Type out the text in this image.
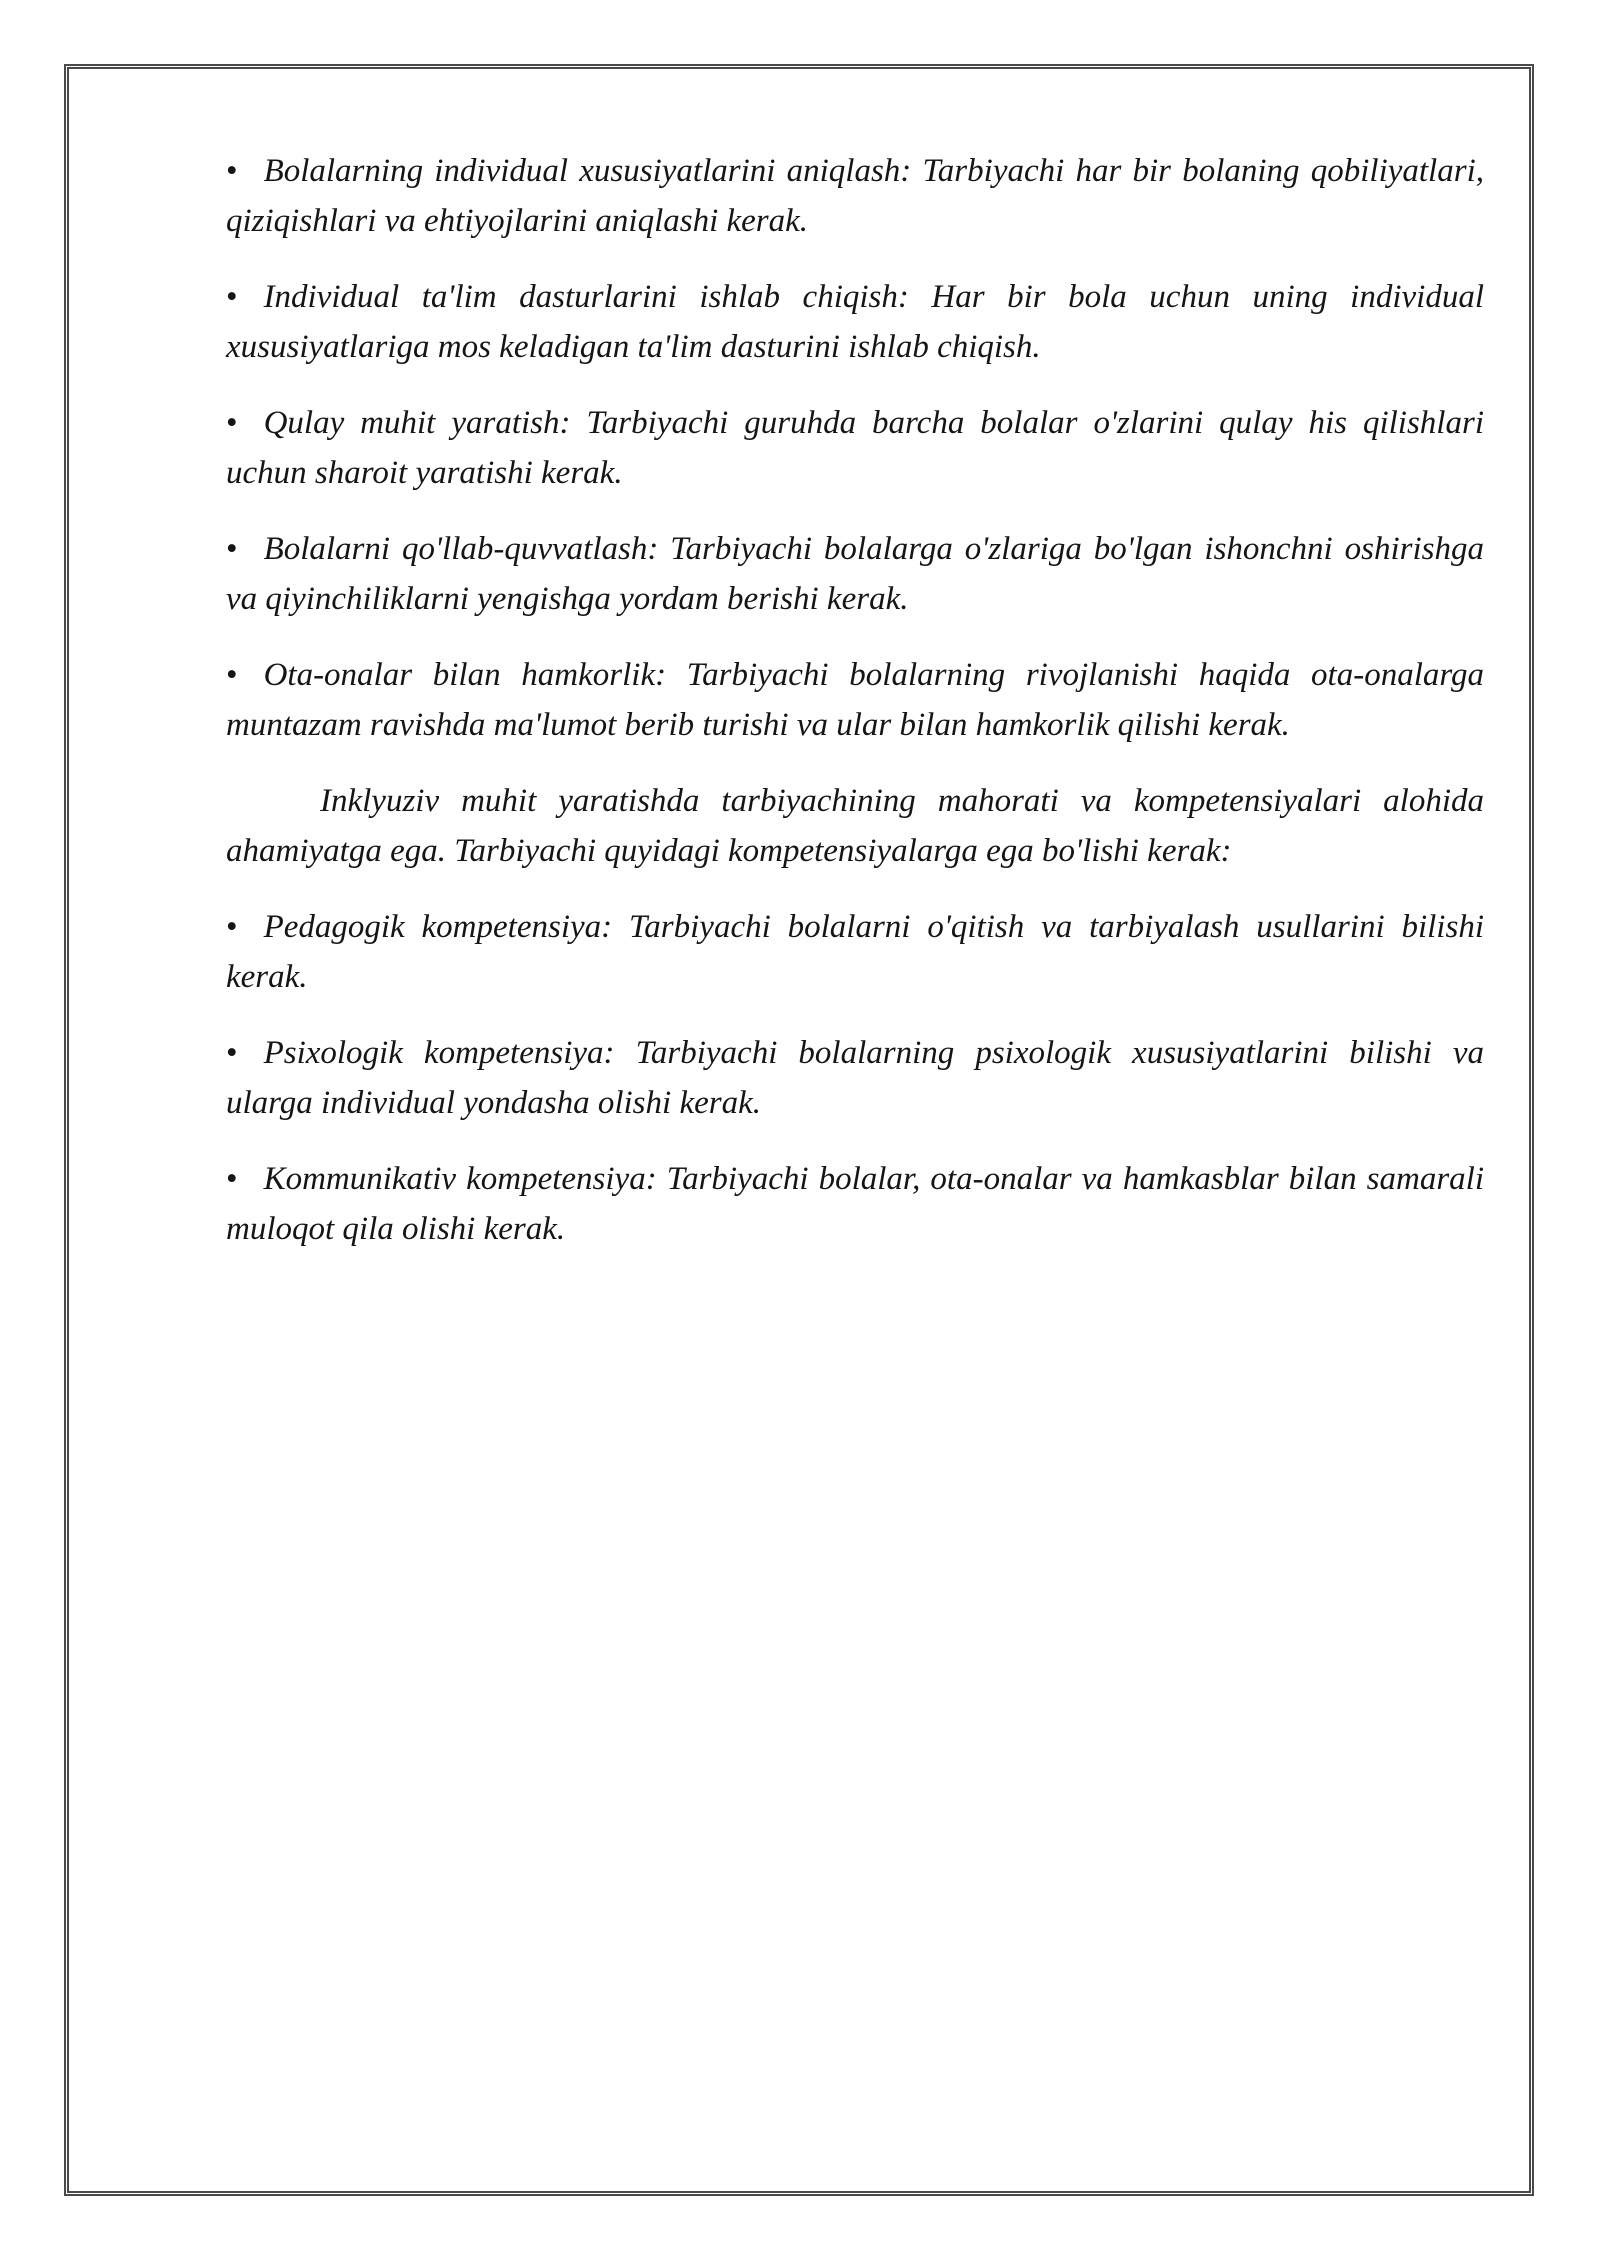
• Bolalarning individual xususiyatlarini aniqlash: Tarbiyachi har bir bolaning qobiliyatlari, qiziqishlari va ehtiyojlarini aniqlashi kerak.

• Individual ta'lim dasturlarini ishlab chiqish: Har bir bola uchun uning individual xususiyatlariga mos keladigan ta'lim dasturini ishlab chiqish.

• Qulay muhit yaratish: Tarbiyachi guruhda barcha bolalar o'zlarini qulay his qilishlari uchun sharoit yaratishi kerak.

• Bolalarni qo'llab-quvvatlash: Tarbiyachi bolalarga o'zlariga bo'lgan ishonchni oshirishga va qiyinchiliklarni yengishga yordam berishi kerak.

• Ota-onalar bilan hamkorlik: Tarbiyachi bolalarning rivojlanishi haqida ota-onalarga muntazam ravishda ma'lumot berib turishi va ular bilan hamkorlik qilishi kerak.

Inklyuziv muhit yaratishda tarbiyachining mahorati va kompetensiyalari alohida ahamiyatga ega. Tarbiyachi quyidagi kompetensiyalarga ega bo'lishi kerak:

• Pedagogik kompetensiya: Tarbiyachi bolalarni o'qitish va tarbiyalash usullarini bilishi kerak.

• Psixologik kompetensiya: Tarbiyachi bolalarning psixologik xususiyatlarini bilishi va ularga individual yondasha olishi kerak.

• Kommunikativ kompetensiya: Tarbiyachi bolalar, ota-onalar va hamkasblar bilan samarali muloqot qila olishi kerak.
